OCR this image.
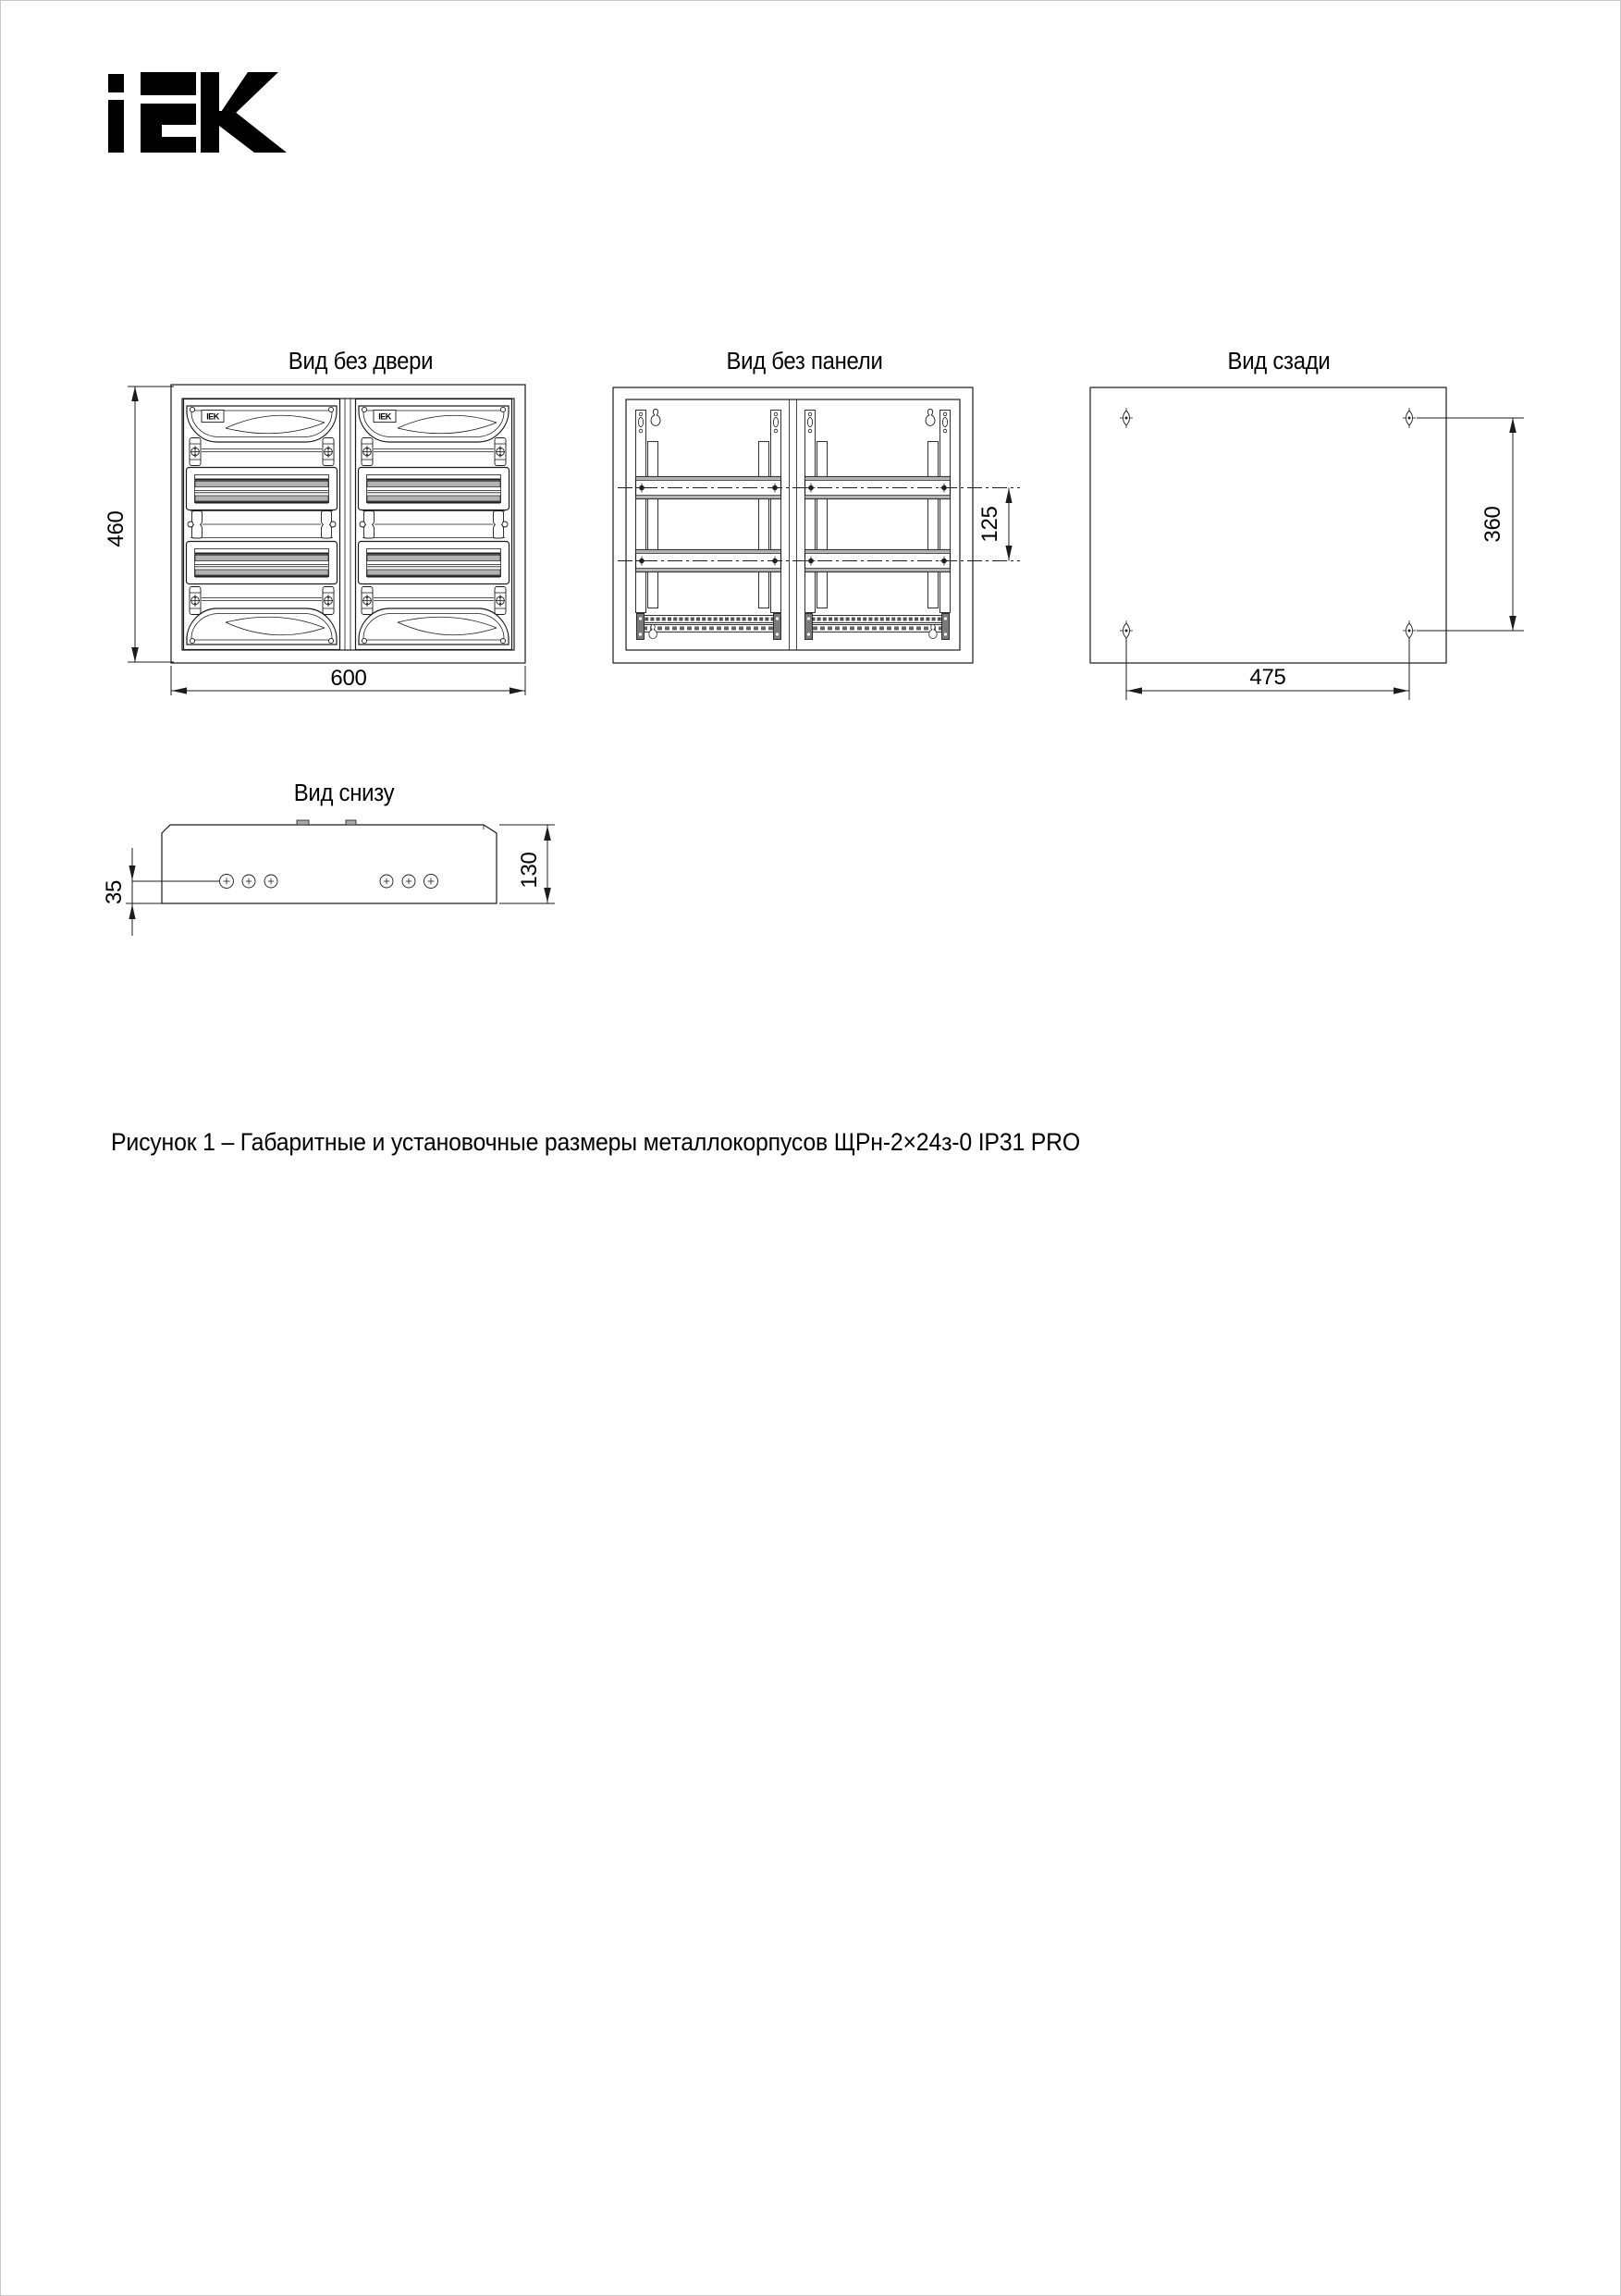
IEK
Вид без двери
460
600
Вид без панели
125
Вид сзади
360
475
Вид снизу
35
130
Рисунок 1 – Габаритные и установочные размеры металлокорпусов ЩРн-2×24з-0 IP31 PRO
